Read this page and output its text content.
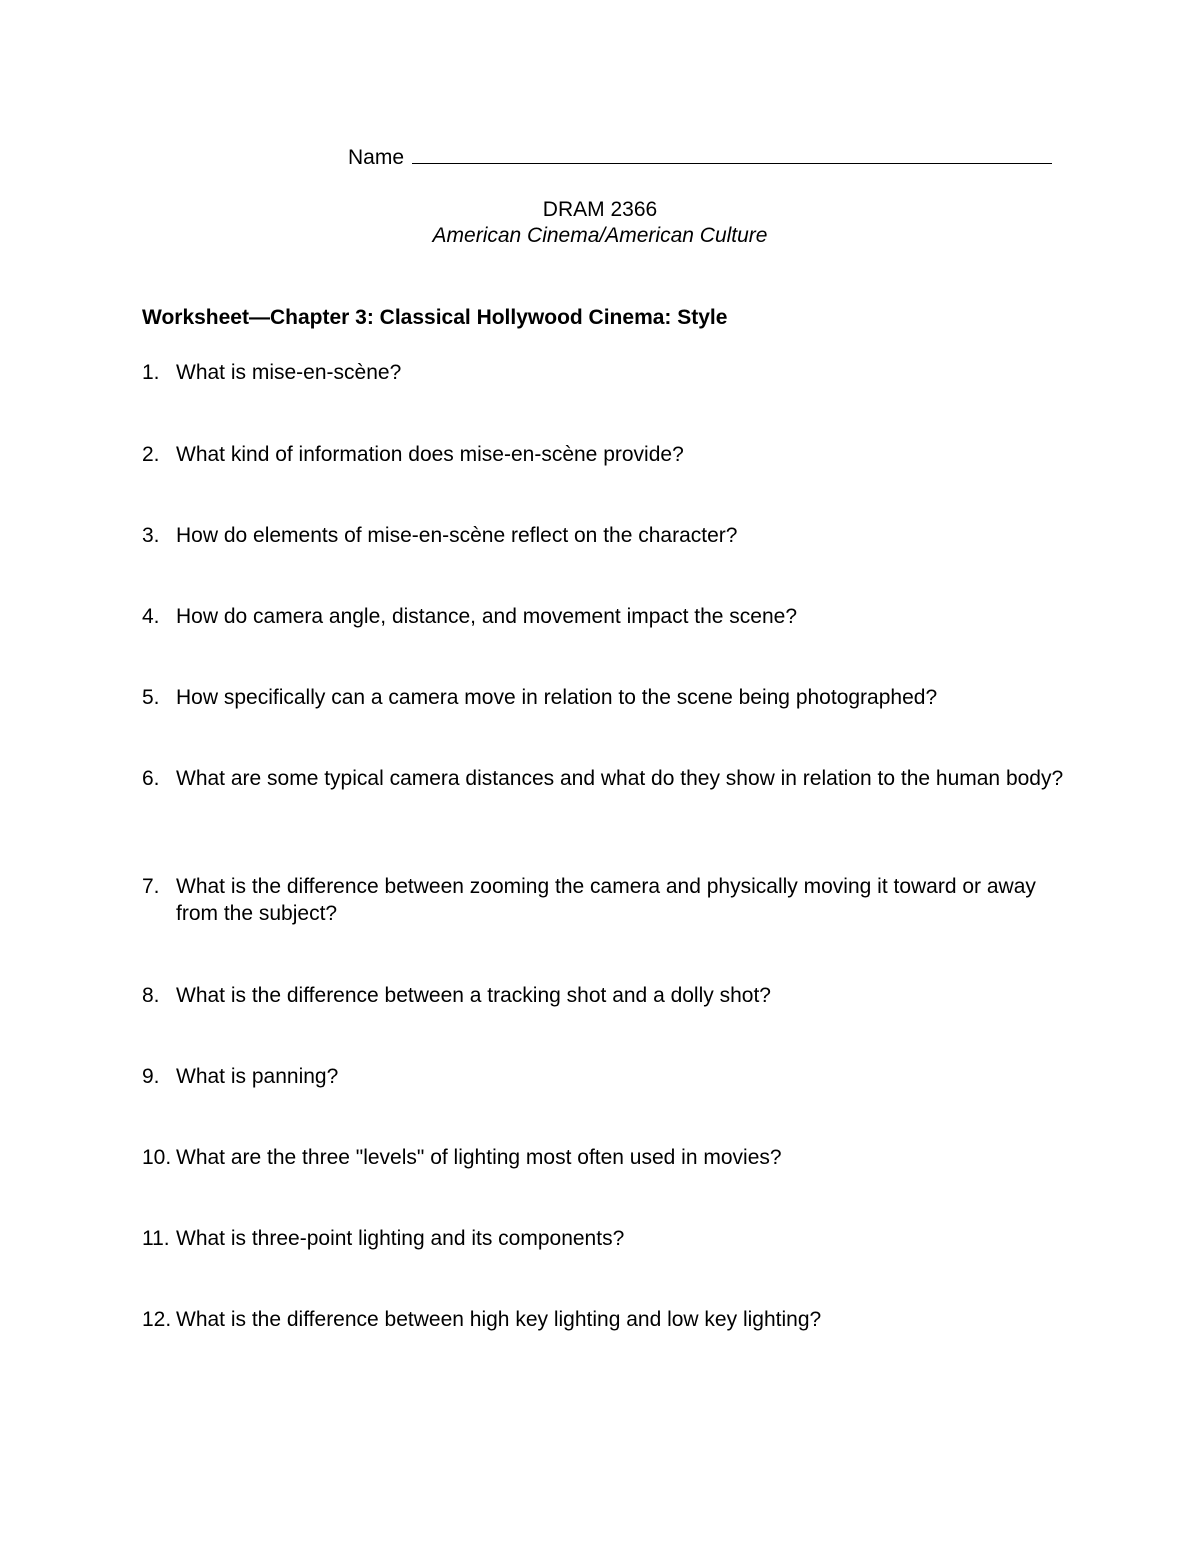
Name
DRAM 2366
American Cinema/American Culture
Worksheet—Chapter 3: Classical Hollywood Cinema: Style
1. What is mise-en-scène?
2. What kind of information does mise-en-scène provide?
3. How do elements of mise-en-scène reflect on the character?
4. How do camera angle, distance, and movement impact the scene?
5. How specifically can a camera move in relation to the scene being photographed?
6. What are some typical camera distances and what do they show in relation to the human body?
7. What is the difference between zooming the camera and physically moving it toward or away from the subject?
8. What is the difference between a tracking shot and a dolly shot?
9. What is panning?
10. What are the three "levels" of lighting most often used in movies?
11. What is three-point lighting and its components?
12. What is the difference between high key lighting and low key lighting?
